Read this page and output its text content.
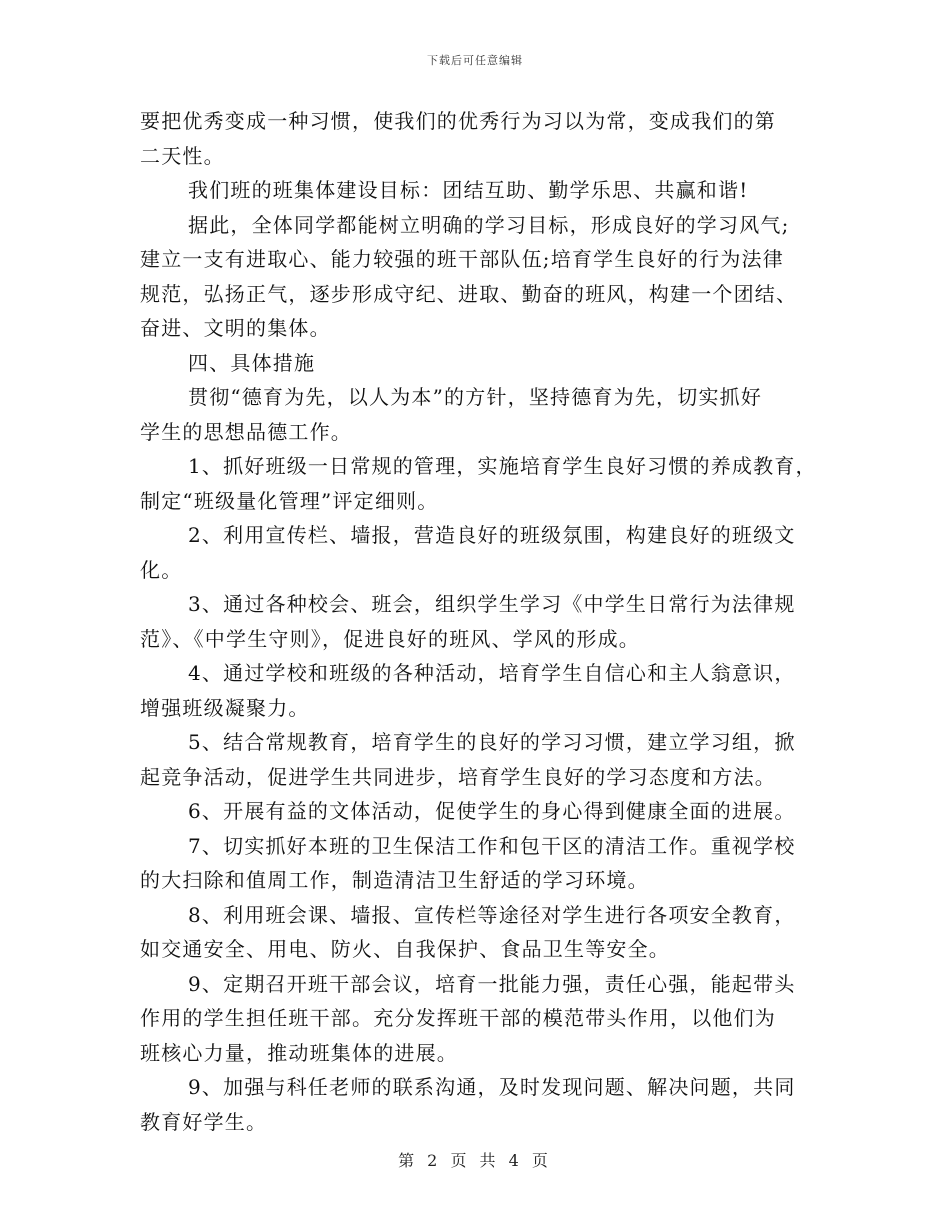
下载后可任意编辑
要把优秀变成一种习惯，使我们的优秀行为习以为常，变成我们的第
二天性。
我们班的班集体建设目标：团结互助、勤学乐思、共赢和谐!
据此，全体同学都能树立明确的学习目标，形成良好的学习风气;
建立一支有进取心、能力较强的班干部队伍;培育学生良好的行为法律
规范，弘扬正气，逐步形成守纪、进取、勤奋的班风，构建一个团结、
奋进、文明的集体。
四、具体措施
贯彻“德育为先，以人为本”的方针，坚持德育为先，切实抓好
学生的思想品德工作。
1、抓好班级一日常规的管理，实施培育学生良好习惯的养成教育，
制定“班级量化管理”评定细则。
2、利用宣传栏、墙报，营造良好的班级氛围，构建良好的班级文
化。
3、通过各种校会、班会，组织学生学习《中学生日常行为法律规
范》、《中学生守则》，促进良好的班风、学风的形成。
4、通过学校和班级的各种活动，培育学生自信心和主人翁意识，
增强班级凝聚力。
5、结合常规教育，培育学生的良好的学习习惯，建立学习组，掀
起竞争活动，促进学生共同进步，培育学生良好的学习态度和方法。
6、开展有益的文体活动，促使学生的身心得到健康全面的进展。
7、切实抓好本班的卫生保洁工作和包干区的清洁工作。重视学校
的大扫除和值周工作，制造清洁卫生舒适的学习环境。
8、利用班会课、墙报、宣传栏等途径对学生进行各项安全教育，
如交通安全、用电、防火、自我保护、食品卫生等安全。
9、定期召开班干部会议，培育一批能力强，责任心强，能起带头
作用的学生担任班干部。充分发挥班干部的模范带头作用，以他们为
班核心力量，推动班集体的进展。
9、加强与科任老师的联系沟通，及时发现问题、解决问题，共同
教育好学生。
第 2 页 共 4 页
